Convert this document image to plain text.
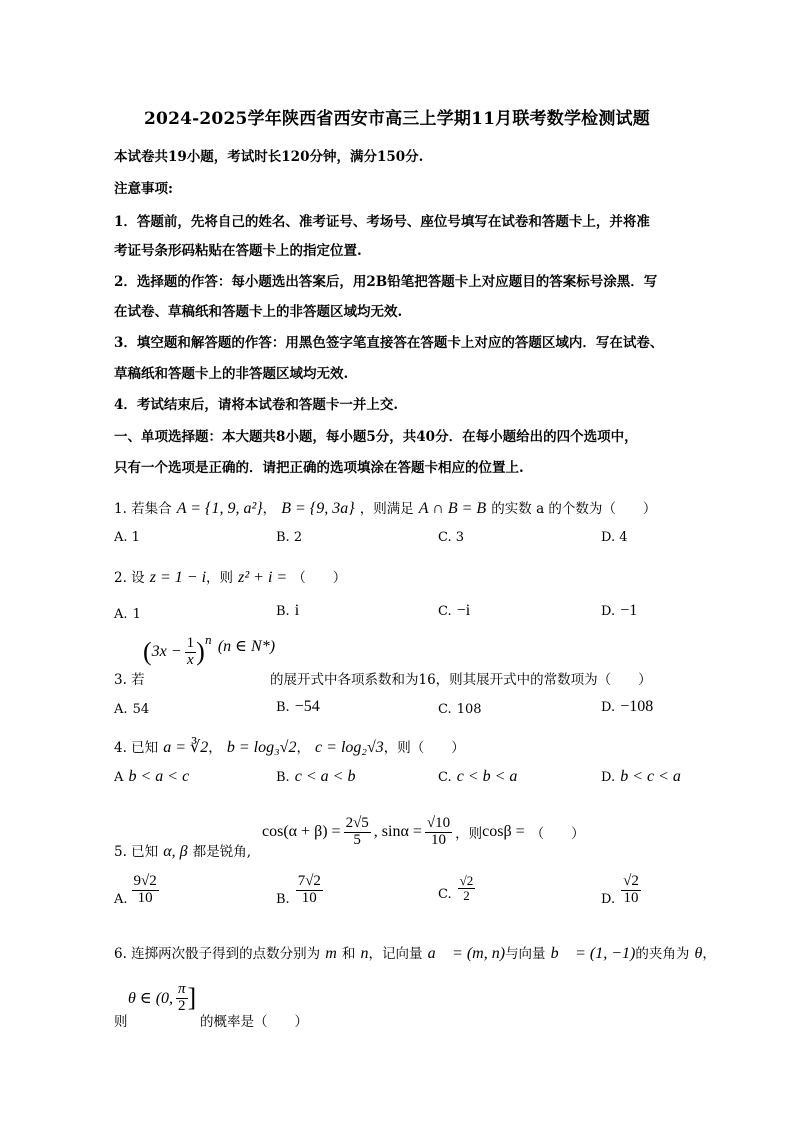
2024-2025学年陕西省西安市高三上学期11月联考数学检测试题
本试卷共19小题，考试时长120分钟，满分150分.
注意事项:
1．答题前，先将自己的姓名、准考证号、考场号、座位号填写在试卷和答题卡上，并将准
考证号条形码粘贴在答题卡上的指定位置.
2．选择题的作答：每小题选出答案后，用2B铅笔把答题卡上对应题目的答案标号涂黑．写
在试卷、草稿纸和答题卡上的非答题区域均无效.
3．填空题和解答题的作答：用黑色签字笔直接答在答题卡上对应的答题区域内．写在试卷、
草稿纸和答题卡上的非答题区域均无效.
4．考试结束后，请将本试卷和答题卡一并上交.
一、单项选择题：本大题共8小题，每小题5分，共40分．在每小题给出的四个选项中，
只有一个选项是正确的．请把正确的选项填涂在答题卡相应的位置上.
1. 若集合 A = {1, 9, a²}， B = {9, 3a} ，则满足 A ∩ B = B 的实数 a 的个数为（　　）
A. 1	B. 2	C. 3	D. 4
2. 设 z = 1 − i，则 z² + i = （　　）
A. 1	B. i	C. −i	D. −1
3. 若
( $3x - \frac{1}{x}$ ) n (n ∈ N*)
的展开式中各项系数和为16，则其展开式中的常数项为（　　）
A. 54	B. −54	C. 108	D. −108
4. 已知 a = ∛2， b = log₃√2， c = log₂√3，则（　　）
A b < a < c	B. c < a < b	C. c < b < a	D. b < c < a
5. 已知 α, β 都是锐角,
$\cos(\alpha + \beta) = \frac{2√5}{5}$ , $\sin\alpha = \frac{√10}{10}$ ，则 cosβ = （　　）
A. $\frac{9√2}{10}$	B. $\frac{7√2}{10}$	C. $\frac{√2}{2}$	D. $\frac{√2}{10}$
6. 连掷两次骰子得到的点数分别为 m 和 n，记向量 a⃗ = (m, n)与向量 b⃗ = (1, −1)的夹角为 θ，
则
θ ∈ (0, $\frac{\pi}{2}$ ]
的概率是（　　）
